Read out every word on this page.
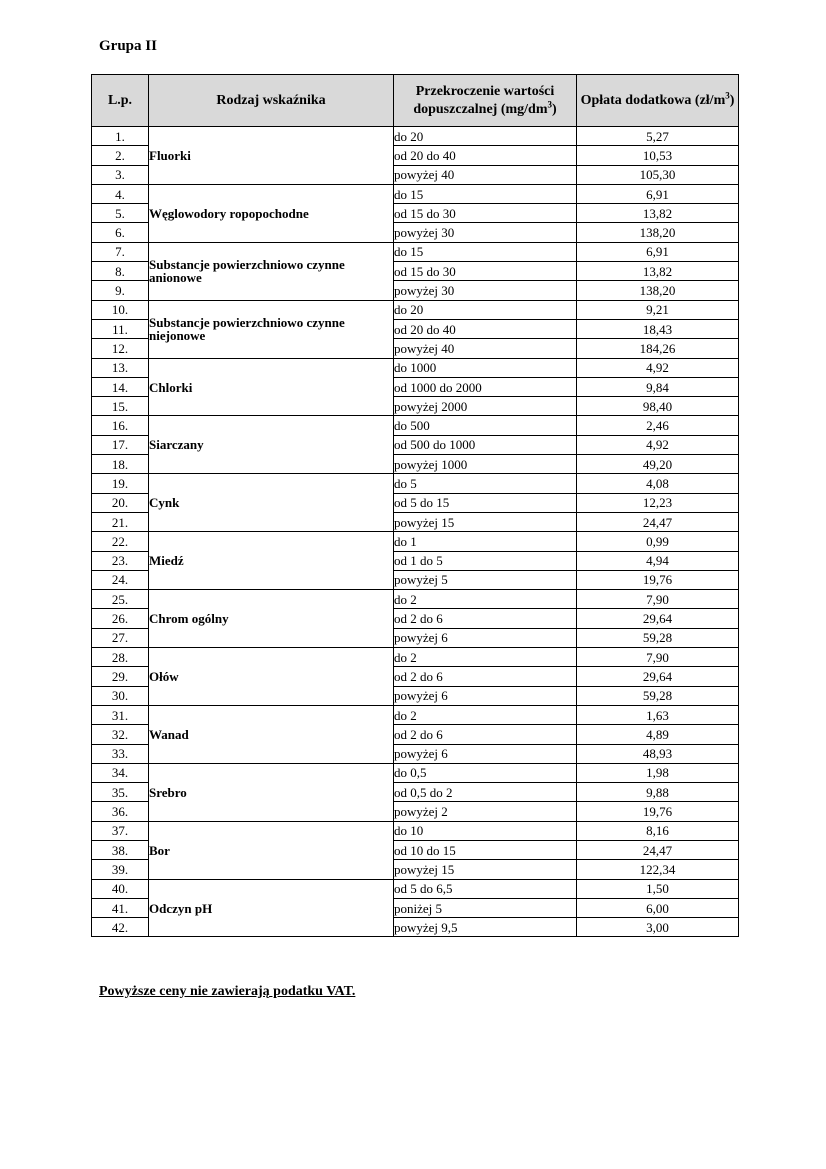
Grupa II
L.p.	Rodzaj wskaźnika	Przekroczenie wartości dopuszczalnej $(mg/dm^3)$	Opłata dodatkowa $(zł/m^3)$
1.	Fluorki	do 20	5,27
2.		od 20 do 40	10,53
3.		powyżej 40	105,30
4.	Węglowodory ropopochodne	do 15	6,91
5.		od 15 do 30	13,82
6.		powyżej 30	138,20
7.	Substancje powierzchniowo czynne anionowe	do 15	6,91
8.		od 15 do 30	13,82
9.		powyżej 30	138,20
10.	Substancje powierzchniowo czynne niejonowe	do 20	9,21
11.		od 20 do 40	18,43
12.		powyżej 40	184,26
13.	Chlorki	do 1000	4,92
14.		od 1000 do 2000	9,84
15.		powyżej 2000	98,40
16.	Siarczany	do 500	2,46
17.		od 500 do 1000	4,92
18.		powyżej 1000	49,20
19.	Cynk	do 5	4,08
20.		od 5 do 15	12,23
21.		powyżej 15	24,47
22.	Miedź	do 1	0,99
23.		od 1 do 5	4,94
24.		powyżej 5	19,76
25.	Chrom ogólny	do 2	7,90
26.		od 2 do 6	29,64
27.		powyżej 6	59,28
28.	Ołów	do 2	7,90
29.		od 2 do 6	29,64
30.		powyżej 6	59,28
31.	Wanad	do 2	1,63
32.		od 2 do 6	4,89
33.		powyżej 6	48,93
34.	Srebro	do 0,5	1,98
35.		od 0,5 do 2	9,88
36.		powyżej 2	19,76
37.	Bor	do 10	8,16
38.		od 10 do 15	24,47
39.		powyżej 15	122,34
40.	Odczyn pH	od 5 do 6,5	1,50
41.		poniżej 5	6,00
42.		powyżej 9,5	3,00
Powyższe ceny nie zawierają podatku VAT.
